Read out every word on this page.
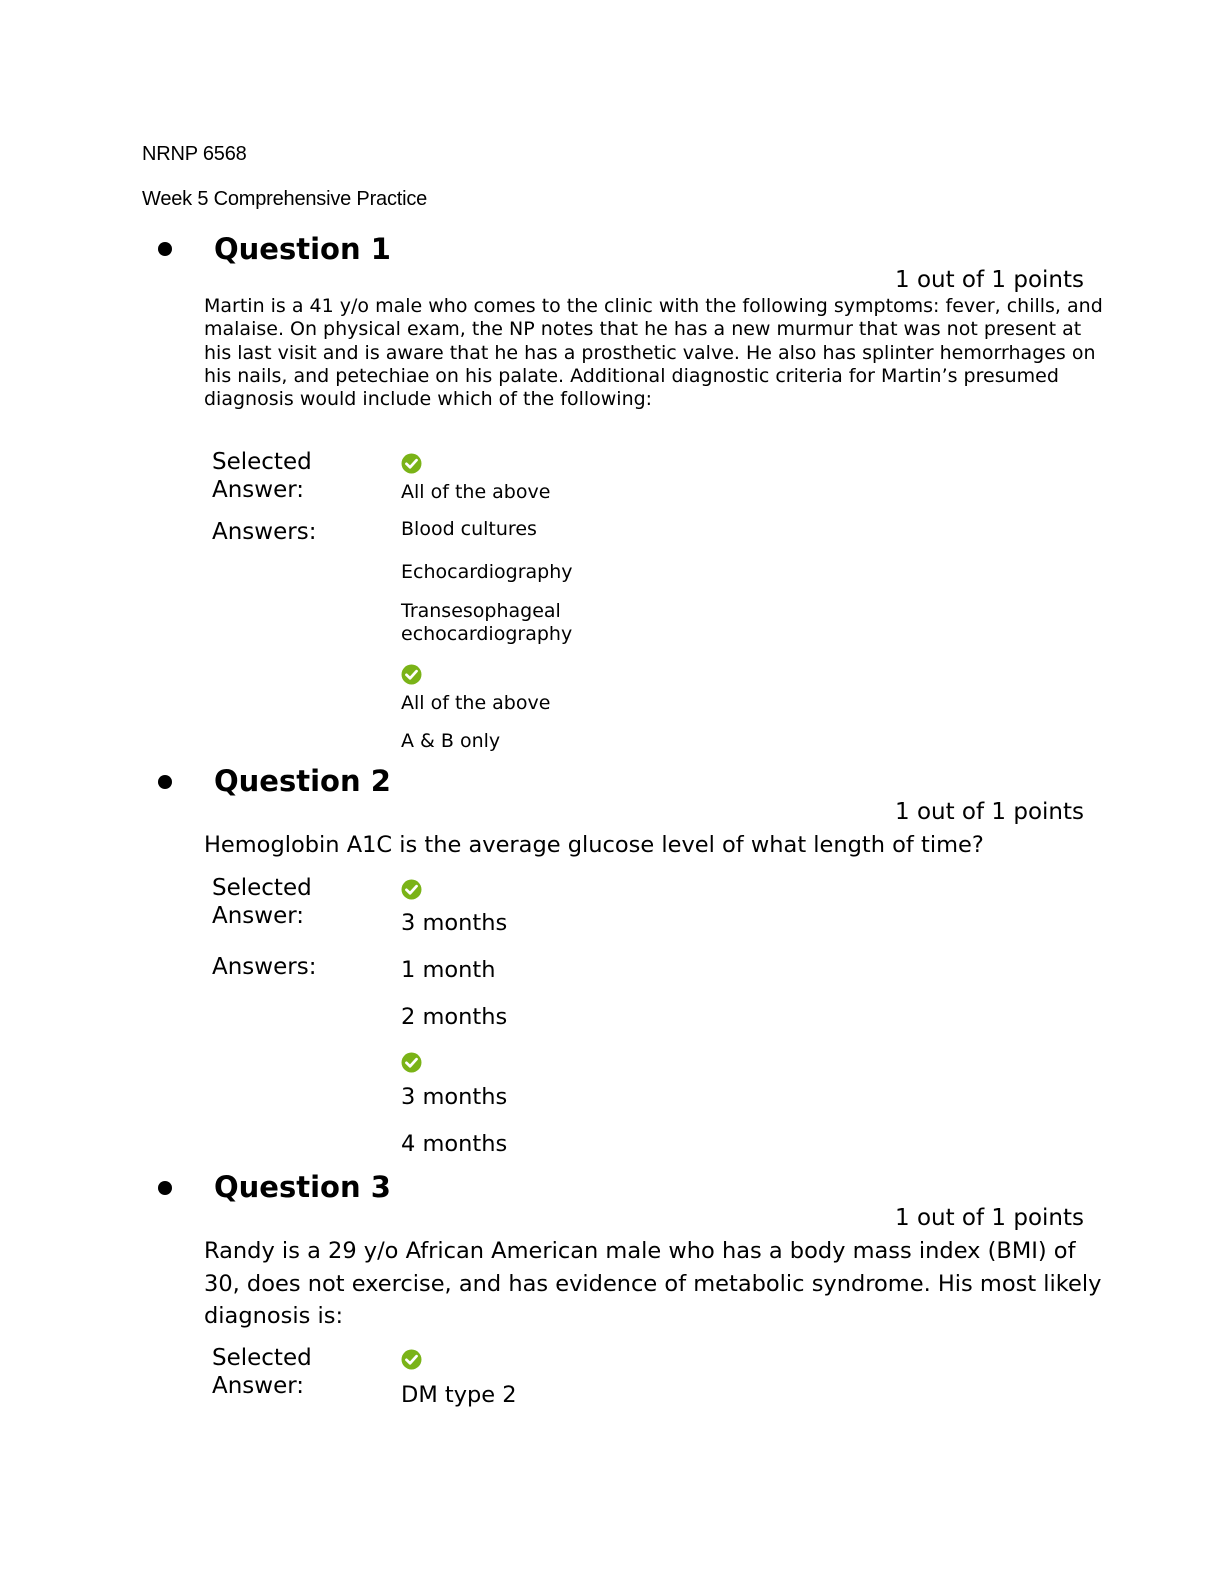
NRNP 6568
Week 5 Comprehensive Practice
Question 1
1 out of 1 points
Martin is a 41 y/o male who comes to the clinic with the following symptoms: fever, chills, and malaise. On physical exam, the NP notes that he has a new murmur that was not present at his last visit and is aware that he has a prosthetic valve. He also has splinter hemorrhages on his nails, and petechiae on his palate. Additional diagnostic criteria for Martin’s presumed diagnosis would include which of the following:
Selected
Answer:	All of the above
Answers:	Blood cultures
Echocardiography
Transesophageal echocardiography
All of the above
A & B only
Question 2
1 out of 1 points
Hemoglobin A1C is the average glucose level of what length of time?
Selected
Answer:	3 months
Answers:	1 month
2 months
3 months
4 months
Question 3
1 out of 1 points
Randy is a 29 y/o African American male who has a body mass index (BMI) of 30, does not exercise, and has evidence of metabolic syndrome. His most likely diagnosis is:
Selected
Answer:	DM type 2
